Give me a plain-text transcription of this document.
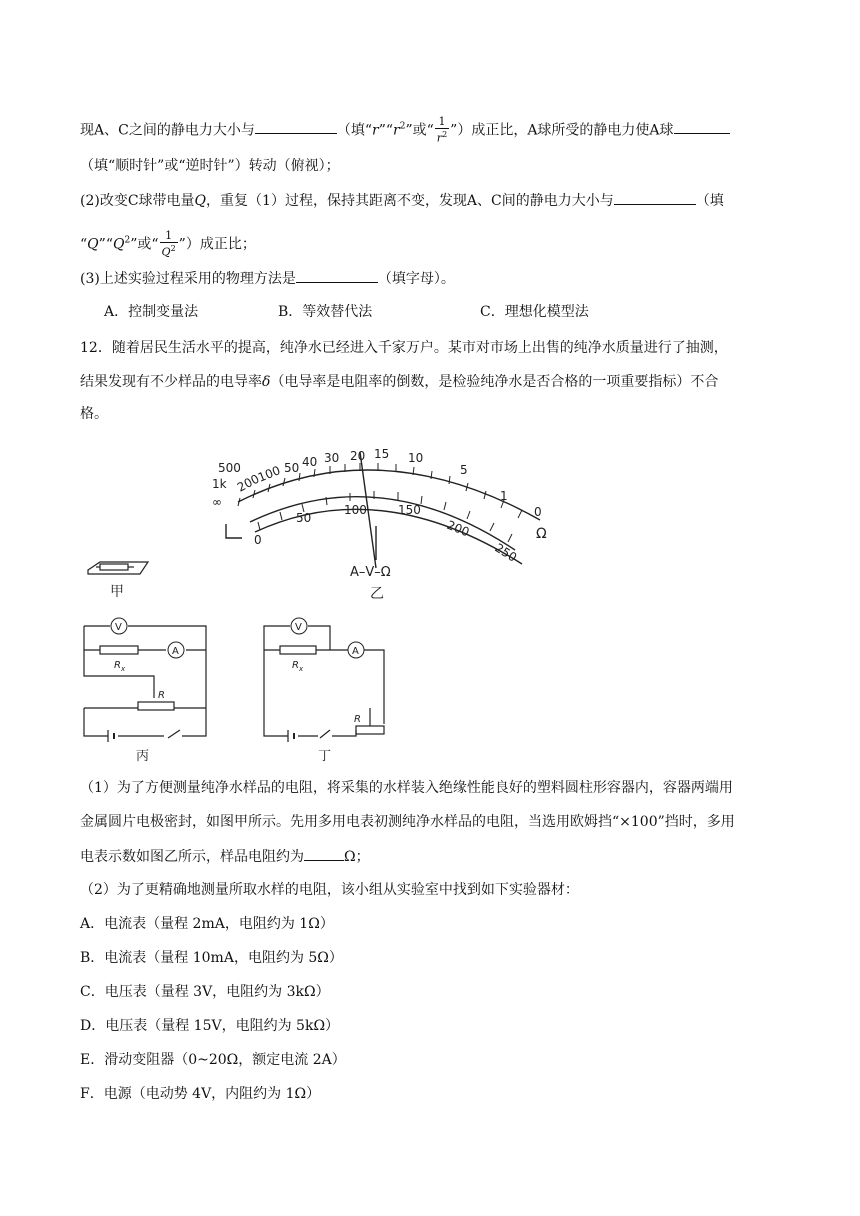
现A、C之间的静电力大小与	（填“$r”“r^2$”或“ $\frac{1}{r^2}$ ”）成正比，A球所受的静电力使A球
（填“顺时针”或“逆时针”）转动（俯视）；
(2)改变C球带电量Q，重复（1）过程，保持其距离不变，发现A、C间的静电力大小与	（填
“$Q”“Q^2$”或“ $\frac{1}{Q^2}$ ”）成正比；
(3)上述实验过程采用的物理方法是	（填字母）。
A．控制变量法	B．等效替代法	C．理想化模型法
12．随着居民生活水平的提高，纯净水已经进入千家万户。某市对市场上出售的纯净水质量进行了抽测，
结果发现有不少样品的电导率δ（电导率是电阻率的倒数，是检验纯净水是否合格的一项重要指标）不合
格。
∞
1k
500
200
100 50 40 30 20 15 10
5
1
0
Ω
0
50
100	150
200
250
A–V–Ω
乙
甲
V
A
R x
R
丙
V
A
R x
R
丁
（1）为了方便测量纯净水样品的电阻，将采集的水样装入绝缘性能良好的塑料圆柱形容器内，容器两端用
金属圆片电极密封，如图甲所示。先用多用电表初测纯净水样品的电阻，当选用欧姆挡“×100”挡时，多用
电表示数如图乙所示，样品电阻约为	Ω；
（2）为了更精确地测量所取水样的电阻，该小组从实验室中找到如下实验器材：
A．电流表（量程 2mA，电阻约为 1Ω）
B．电流表（量程 10mA，电阻约为 5Ω）
C．电压表（量程 3V，电阻约为 3kΩ）
D．电压表（量程 15V，电阻约为 5kΩ）
E．滑动变阻器（0~20Ω，额定电流 2A）
F．电源（电动势 4V，内阻约为 1Ω）
